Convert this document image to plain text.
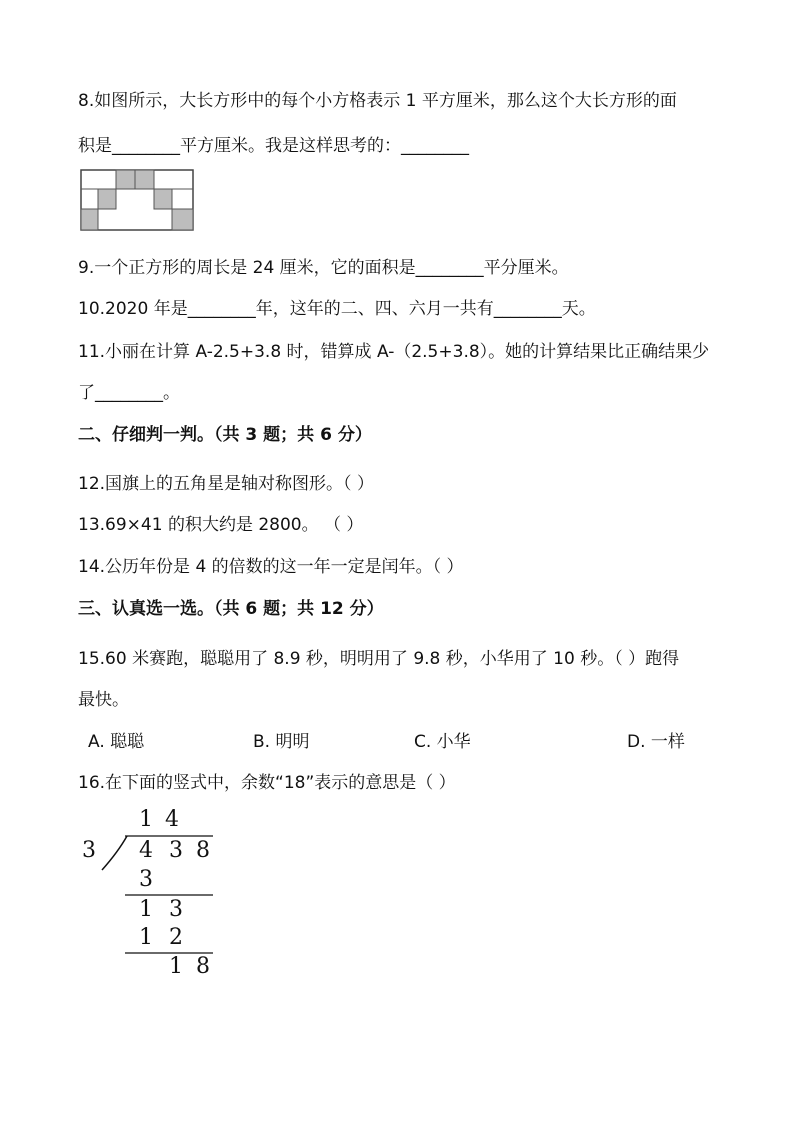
8.如图所示，大长方形中的每个小方格表示 1 平方厘米，那么这个大长方形的面
积是________平方厘米。我是这样思考的：________
9.一个正方形的周长是 24 厘米，它的面积是________平分厘米。
10.2020 年是________年，这年的二、四、六月一共有________天。
11.小丽在计算 A-2.5+3.8 时，错算成 A-（2.5+3.8）。她的计算结果比正确结果少
了________。
二、仔细判一判。（共 3 题；共 6 分）
12.国旗上的五角星是轴对称图形。（ ）
13.69×41 的积大约是 2800。 （ ）
14.公历年份是 4 的倍数的这一年一定是闰年。（ ）
三、认真选一选。（共 6 题；共 12 分）
15.60 米赛跑，聪聪用了 8.9 秒，明明用了 9.8 秒，小华用了 10 秒。（ ）跑得
最快。
A. 聪聪	B. 明明	C. 小华	D. 一样
16.在下面的竖式中，余数“18”表示的意思是（ ）
1 4
3 4 3 8
3
1 3
1 2
1 8
